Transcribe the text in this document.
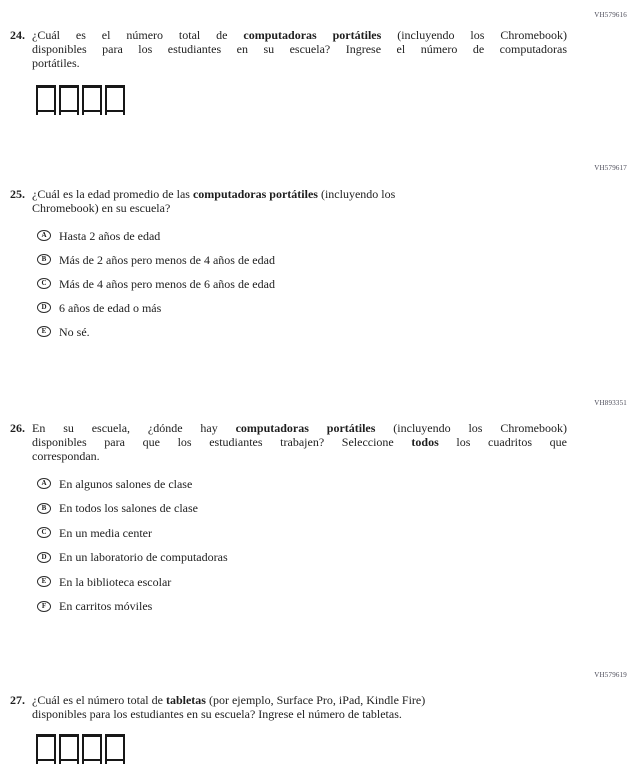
VH579616
24. ¿Cuál es el número total de computadoras portátiles (incluyendo los Chromebook)
disponibles para los estudiantes en su escuela? Ingrese el número de computadoras
portátiles.
VH579617
25. ¿Cuál es la edad promedio de las computadoras portátiles (incluyendo los
Chromebook) en su escuela?
A Hasta 2 años de edad
B Más de 2 años pero menos de 4 años de edad
C Más de 4 años pero menos de 6 años de edad
D 6 años de edad o más
E No sé.
VH893351
26. En su escuela, ¿dónde hay computadoras portátiles (incluyendo los Chromebook)
disponibles para que los estudiantes trabajen? Seleccione todos los cuadritos que
correspondan.
A En algunos salones de clase
B En todos los salones de clase
C En un media center
D En un laboratorio de computadoras
E En la biblioteca escolar
F En carritos móviles
VH579619
27. ¿Cuál es el número total de tabletas (por ejemplo, Surface Pro, iPad, Kindle Fire)
disponibles para los estudiantes en su escuela? Ingrese el número de tabletas.
